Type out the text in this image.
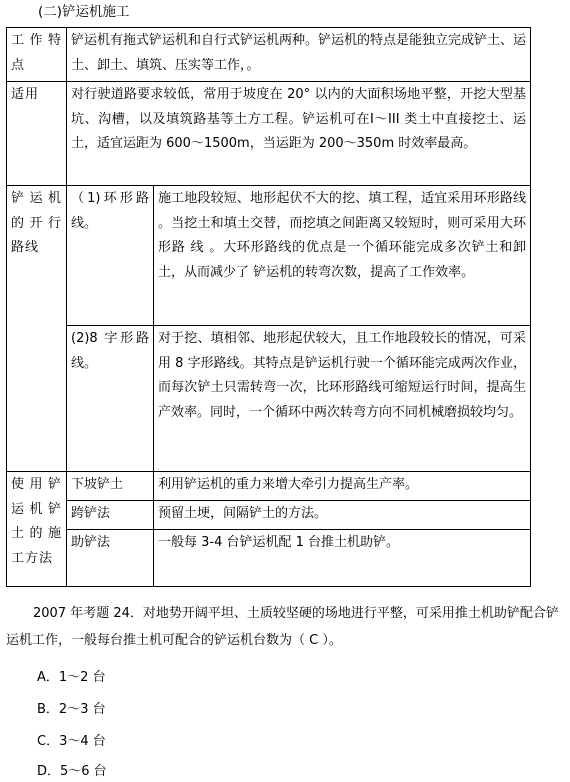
(二)铲运机施工
工作特点	铲运机有拖式铲运机和自行式铲运机两种。铲运机的特点是能独立完成铲土、运土、卸土、填筑、压实等工作，。	
适用	对行驶道路要求较低，常用于坡度在 20° 以内的大面积场地平整，开挖大型基坑、沟槽，以及填筑路基等土方工程。铲运机可在Ⅰ～III 类土中直接挖土、运土，适宜运距为 600～1500m，当运距为 200～350m 时效率最高。	
铲运机的开行路线	（1)环形路线。	施工地段较短、地形起伏不大的挖、填工程，适宜采用环形路线 。当挖土和填土交替，而挖填之间距离又较短时，则可采用大环形路 线 。大环形路线的优点是一个循环能完成多次铲土和卸土，从而减少了 铲运机的转弯次数，提高了工作效率。
	(2)8 字形路线。	对于挖、填相邻、地形起伏较大，且工作地段较长的情况，可采用 8 字形路线。其特点是铲运机行驶一个循环能完成两次作业，而每次铲土只需转弯一次，比环形路线可缩短运行时间，提高生产效率。同时，一个循环中两次转弯方向不同机械磨损较均匀。
使用铲运机铲土的施工方法	下坡铲土	利用铲运机的重力来增大牵引力提高生产率。
	跨铲法	预留土埂，间隔铲土的方法。
	助铲法	一般每 3-4 台铲运机配 1 台推土机助铲。
2007 年考题 24．对地势开阔平坦、土质较坚硬的场地进行平整，可采用推土机助铲配合铲运机工作，一般每台推土机可配合的铲运机台数为（ C ）。
A．1～2 台
B．2～3 台
C．3～4 台
D．5～6 台
